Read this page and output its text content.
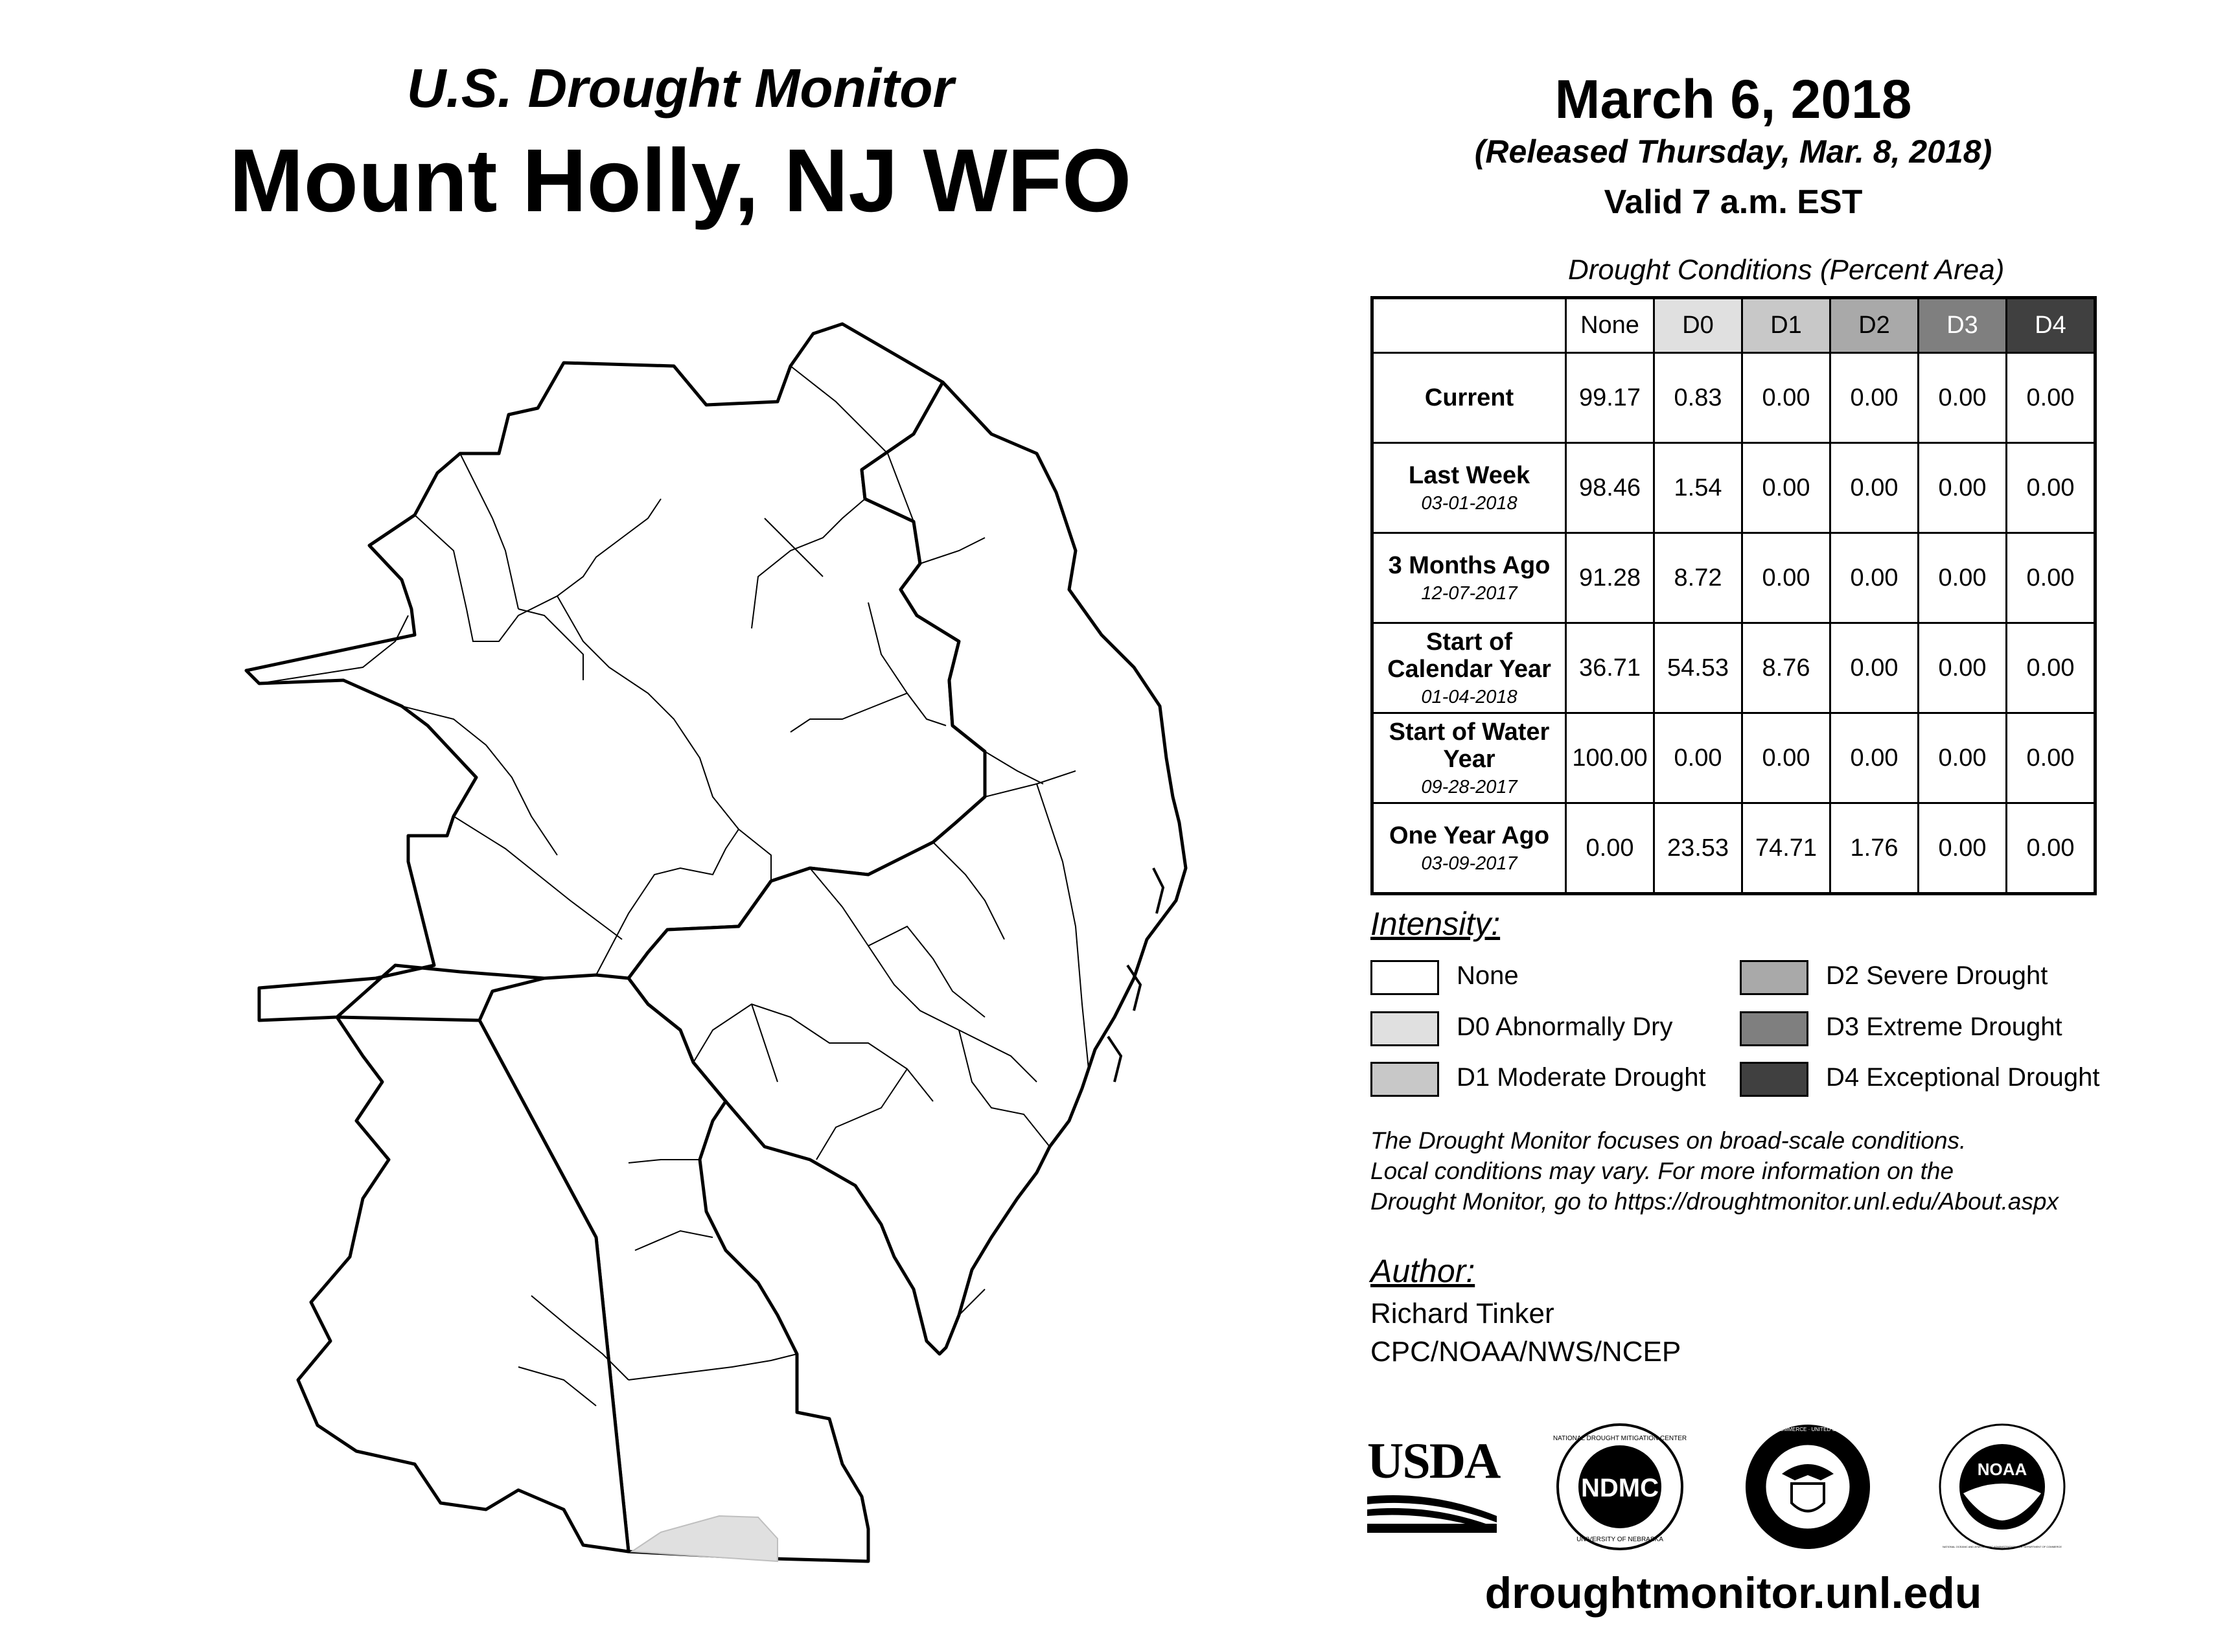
U.S. Drought Monitor
Mount Holly, NJ WFO
March 6, 2018
(Released Thursday, Mar. 8, 2018)
Valid 7 a.m. EST
Drought Conditions (Percent Area)
	None	D0	D1	D2	D3	D4

Current	99.17	0.83	0.00	0.00	0.00	0.00

Last Week
03-01-2018	98.46	1.54	0.00	0.00	0.00	0.00

3 Months Ago
12-07-2017	91.28	8.72	0.00	0.00	0.00	0.00

Start of Calendar Year
01-04-2018	36.71	54.53	8.76	0.00	0.00	0.00

Start of Water Year
09-28-2017	100.00	0.00	0.00	0.00	0.00	0.00

One Year Ago
03-09-2017	0.00	23.53	74.71	1.76	0.00	0.00
Intensity:
None
D0 Abnormally Dry
D1 Moderate Drought
D2 Severe Drought
D3 Extreme Drought
D4 Exceptional Drought
The Drought Monitor focuses on broad-scale conditions.
Local conditions may vary. For more information on the
Drought Monitor, go to https://droughtmonitor.unl.edu/About.aspx
Author:
Richard Tinker
CPC/NOAA/NWS/NCEP
USDA	NDMC
NATIONAL DROUGHT MITIGATION CENTER
UNIVERSITY OF NEBRASKA
DEPARTMENT OF COMMERCE · UNITED STATES OF AMERICA
NOAA
NATIONAL OCEANIC AND ATMOSPHERIC ADMINISTRATION · U.S. DEPARTMENT OF COMMERCE
droughtmonitor.unl.edu
